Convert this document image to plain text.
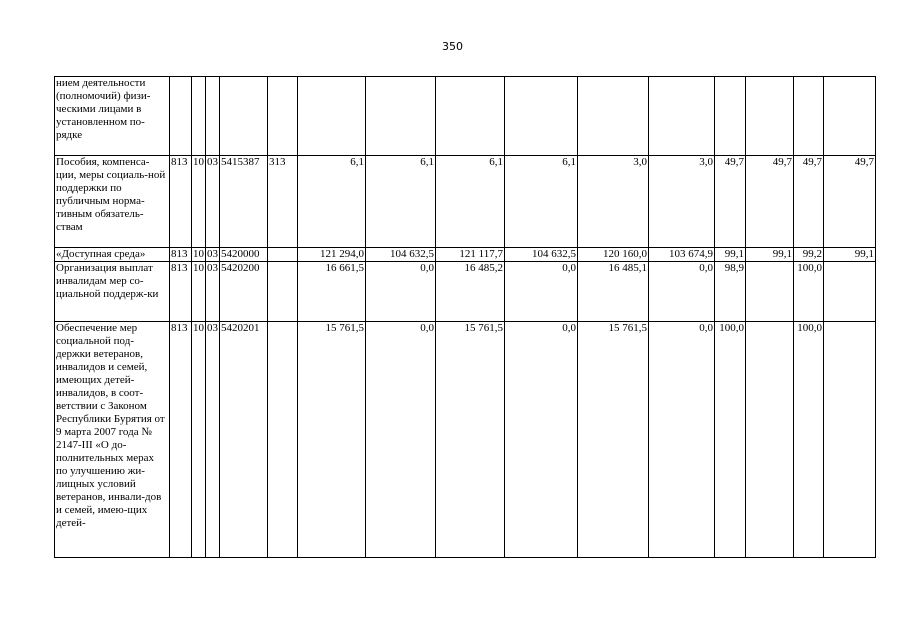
350
нием деятельности (полномочий) физи-ческими лицами в установленном по-рядке															
Пособия, компенса-ции, меры социаль-ной поддержки по публичным норма-тивным обязатель-ствам	813	10	03	5415387	313	6,1	6,1	6,1	6,1	3,0	3,0	49,7	49,7	49,7	49,7
«Доступная среда»	813	10	03	5420000		121 294,0	104 632,5	121 117,7	104 632,5	120 160,0	103 674,9	99,1	99,1	99,2	99,1
Организация выплат инвалидам мер со-циальной поддерж-ки	813	10	03	5420200		16 661,5	0,0	16 485,2	0,0	16 485,1	0,0	98,9		100,0	
Обеспечение мер социальной под-держки ветеранов, инвалидов и семей, имеющих детей-инвалидов, в соот-ветствии с Законом Республики Бурятия от 9 марта 2007 года № 2147-III «О до-полнительных мерах по улучшению жи-лищных условий ветеранов, инвали-дов и семей, имею-щих детей-	813	10	03	5420201		15 761,5	0,0	15 761,5	0,0	15 761,5	0,0	100,0		100,0	
